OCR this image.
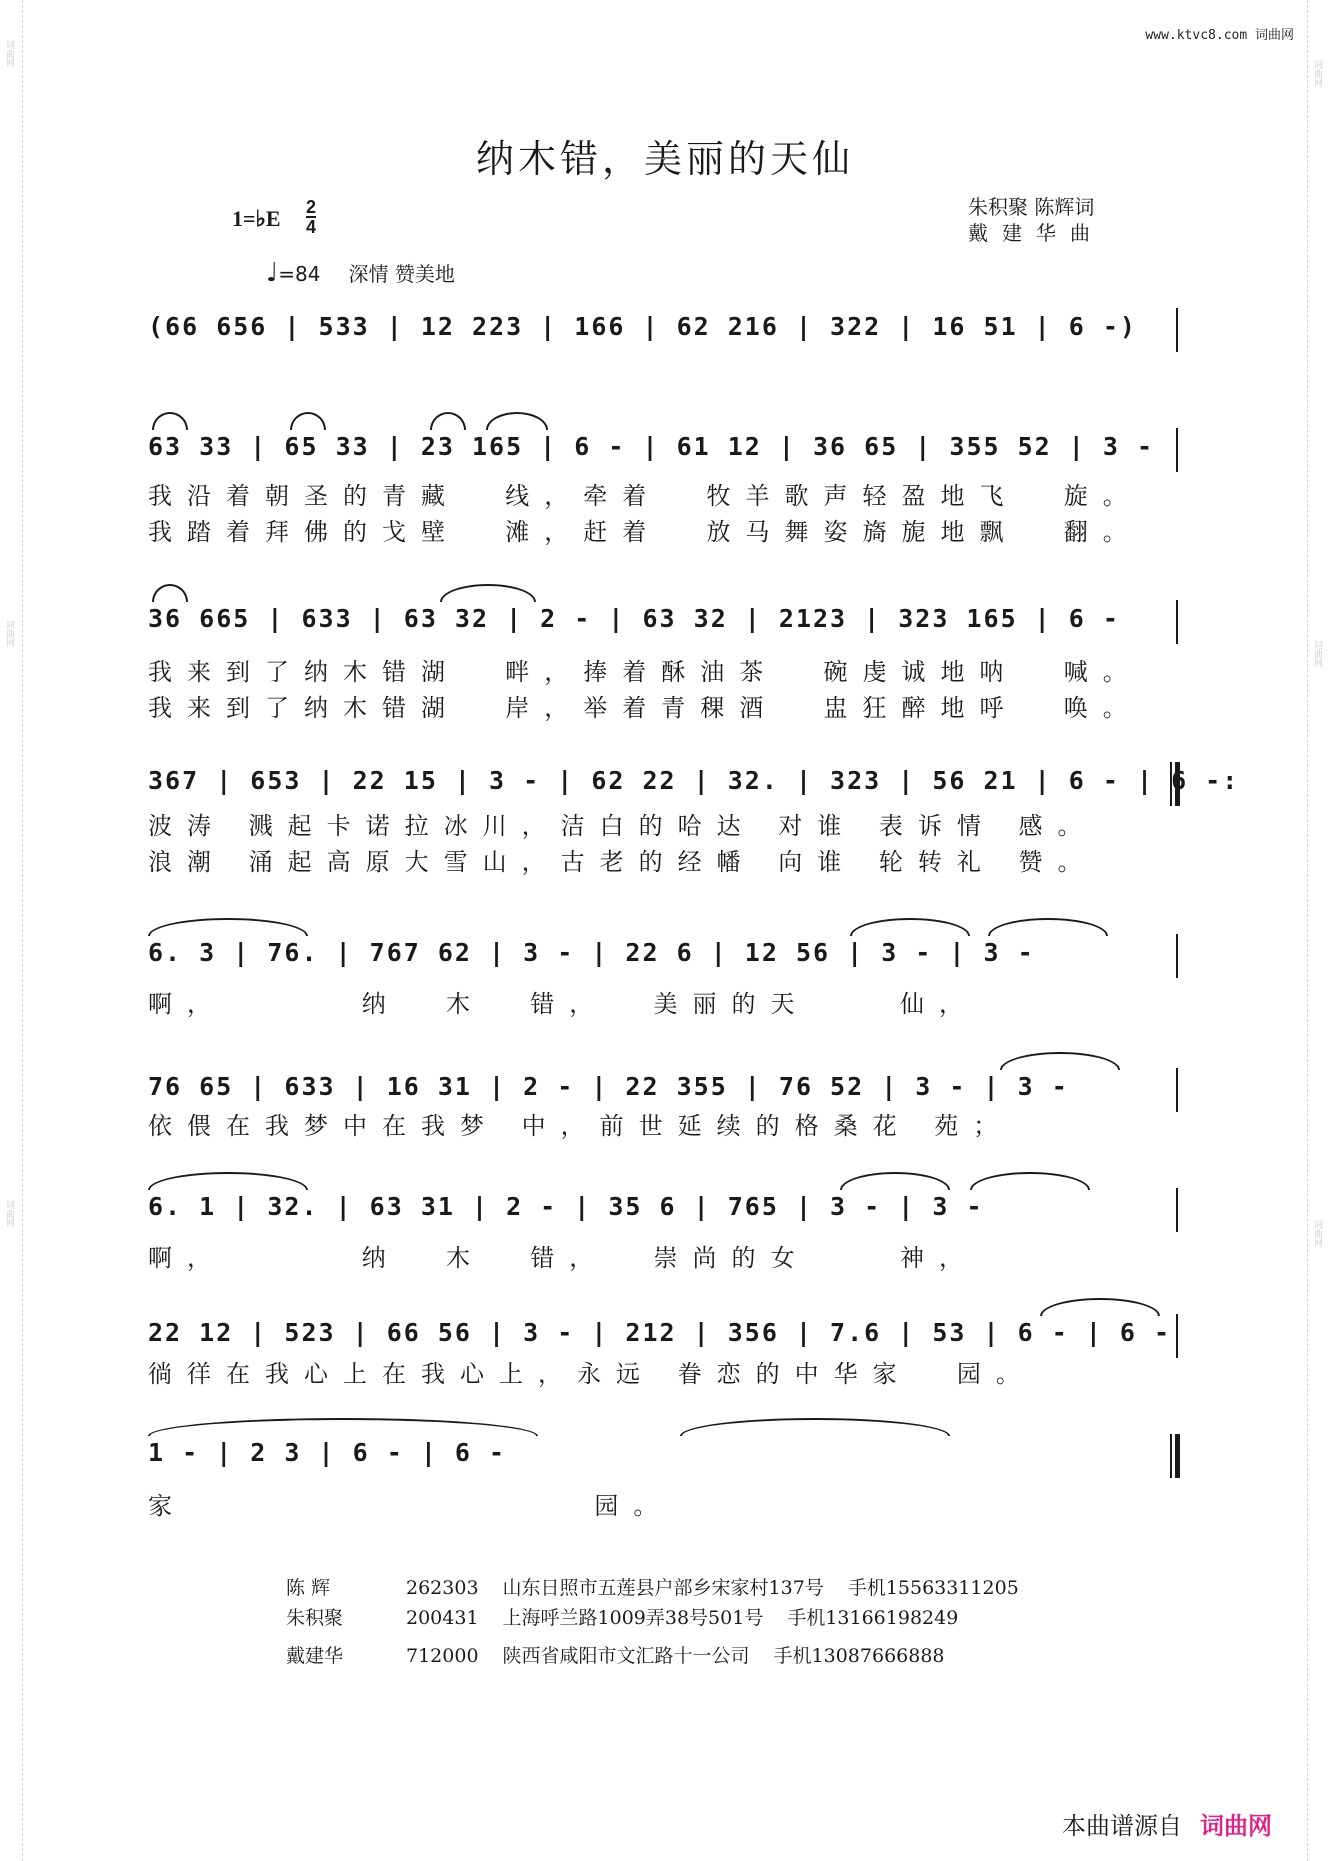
词曲网
词曲网
词曲网
词曲网
词曲网
词曲网
www.ktvc8.com 词曲网
纳木错，美丽的天仙
朱积聚 陈辉词
戴建华曲
1=♭E 2
4
♩=84 深情 赞美地
(66 656 | 533 | 12 223 | 166 | 62 216 | 322 | 16 51 | 6 -)
63 33 | 65 33 | 23 165 | 6 - | 61 12 | 36 65 | 355 52 | 3 -
36 665 | 633 | 63 32 | 2 - | 63 32 | 2123 | 323 165 | 6 -
367 | 653 | 22 15 | 3 - | 62 22 | 32. | 323 | 56 21 | 6 - | 6 -:
6. 3 | 76. | 767 62 | 3 - | 22 6 | 12 56 | 3 - | 3 -
76 65 | 633 | 16 31 | 2 - | 22 355 | 76 52 | 3 - | 3 -
6. 1 | 32. | 63 31 | 2 - | 35 6 | 765 | 3 - | 3 -
22 12 | 523 | 66 56 | 3 - | 212 | 356 | 7.6 | 53 | 6 - | 6 -
1 - | 2 3 | 6 - | 6 -
我沿着朝圣的青藏  线，牵着  牧羊歌声轻盈地飞  旋。
我踏着拜佛的戈壁  滩，赶着  放马舞姿旖旎地飘  翻。
我来到了纳木错湖  畔，捧着酥油茶  碗虔诚地呐  喊。
我来到了纳木错湖  岸，举着青稞酒  盅狂醉地呼  唤。
波涛 溅起卡诺拉冰川，洁白的哈达 对谁 表诉情 感。
浪潮 涌起高原大雪山，古老的经幡 向谁 轮转礼 赞。
啊，      纳  木  错，  美丽的天    仙，
依偎在我梦中在我梦 中，前世延续的格桑花 苑；
啊，      纳  木  错，  崇尚的女    神，
徜徉在我心上在我心上，永远 眷恋的中华家  园。
家                  园。
陈 辉	262303 山东日照市五莲县户部乡宋家村137号 手机15563311205
朱积聚	200431 上海呼兰路1009弄38号501号 手机13166198249
戴建华	712000 陕西省咸阳市文汇路十一公司 手机13087666888
本曲谱源自 词曲网
